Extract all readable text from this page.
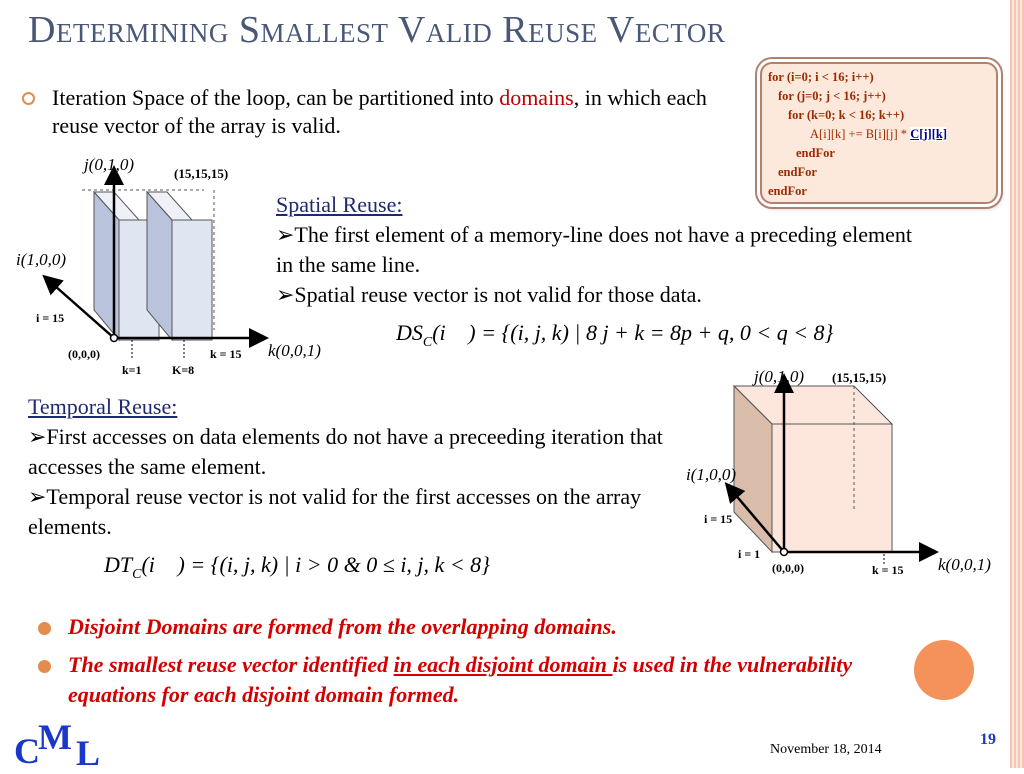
Determining Smallest Valid Reuse Vector
Iteration Space of the loop, can be partitioned into domains, in which each reuse vector of the array is valid.
for (i=0; i < 16; i++)
for (j=0; j < 16; j++)
for (k=0; k < 16; k++)
A[i][k] += B[i][j] * C[j][k]
endFor
endFor
endFor
j(0,1,0)
i(1,0,0)
k(0,0,1)
(15,15,15)
(0,0,0)
i = 15
k=1	K=8
k = 15
Spatial Reuse:
➢The first element of a memory-line does not have a preceding element in the same line.
➢Spatial reuse vector is not valid for those data.
$DS_C(i⃗$ ) = {(i, j, k) | 8 j + k = 8p + q, 0 < q < 8}
Temporal Reuse:
➢First accesses on data elements do not have a preceeding iteration that accesses the same element.
➢Temporal reuse vector is not valid for the first accesses on the array elements.
$DT_C(i⃗$ ) = {(i, j, k) | i > 0 & 0 ≤ i, j, k < 8}
j(0,1,0)
i(1,0,0)
k(0,0,1)
(15,15,15)
(0,0,0)
i = 15
i = 1
k = 15
Disjoint Domains are formed from the overlapping domains.
The smallest reuse vector identified in each disjoint domain is used in the vulnerability equations for each disjoint domain formed.
C
M L	November 18, 2014
19
